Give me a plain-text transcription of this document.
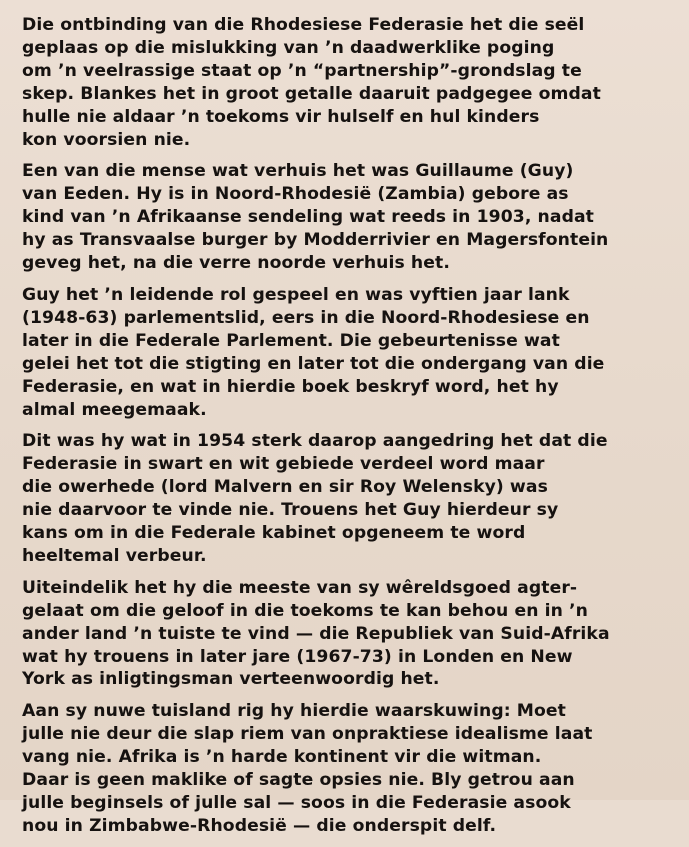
Die ontbinding van die Rhodesiese Federasie het die seël
geplaas op die mislukking van ’n daadwerklike poging
om ’n veelrassige staat op ’n “partnership”-grondslag te
skep. Blankes het in groot getalle daaruit padgegee omdat
hulle nie aldaar ’n toekoms vir hulself en hul kinders
kon voorsien nie.

Een van die mense wat verhuis het was Guillaume (Guy)
van Eeden. Hy is in Noord-Rhodesië (Zambia) gebore as
kind van ’n Afrikaanse sendeling wat reeds in 1903, nadat
hy as Transvaalse burger by Modderrivier en Magersfontein
geveg het, na die verre noorde verhuis het.

Guy het ’n leidende rol gespeel en was vyftien jaar lank
(1948-63) parlementslid, eers in die Noord-Rhodesiese en
later in die Federale Parlement. Die gebeurtenisse wat
gelei het tot die stigting en later tot die ondergang van die
Federasie, en wat in hierdie boek beskryf word, het hy
almal meegemaak.

Dit was hy wat in 1954 sterk daarop aangedring het dat die
Federasie in swart en wit gebiede verdeel word maar
die owerhede (lord Malvern en sir Roy Welensky) was
nie daarvoor te vinde nie. Trouens het Guy hierdeur sy
kans om in die Federale kabinet opgeneem te word
heeltemal verbeur.

Uiteindelik het hy die meeste van sy wêreldsgoed agter-
gelaat om die geloof in die toekoms te kan behou en in ’n
ander land ’n tuiste te vind — die Republiek van Suid-Afrika
wat hy trouens in later jare (1967-73) in Londen en New
York as inligtingsman verteenwoordig het.

Aan sy nuwe tuisland rig hy hierdie waarskuwing: Moet
julle nie deur die slap riem van onpraktiese idealisme laat
vang nie. Afrika is ’n harde kontinent vir die witman.
Daar is geen maklike of sagte opsies nie. Bly getrou aan
julle beginsels of julle sal — soos in die Federasie asook
nou in Zimbabwe-Rhodesië — die onderspit delf.
